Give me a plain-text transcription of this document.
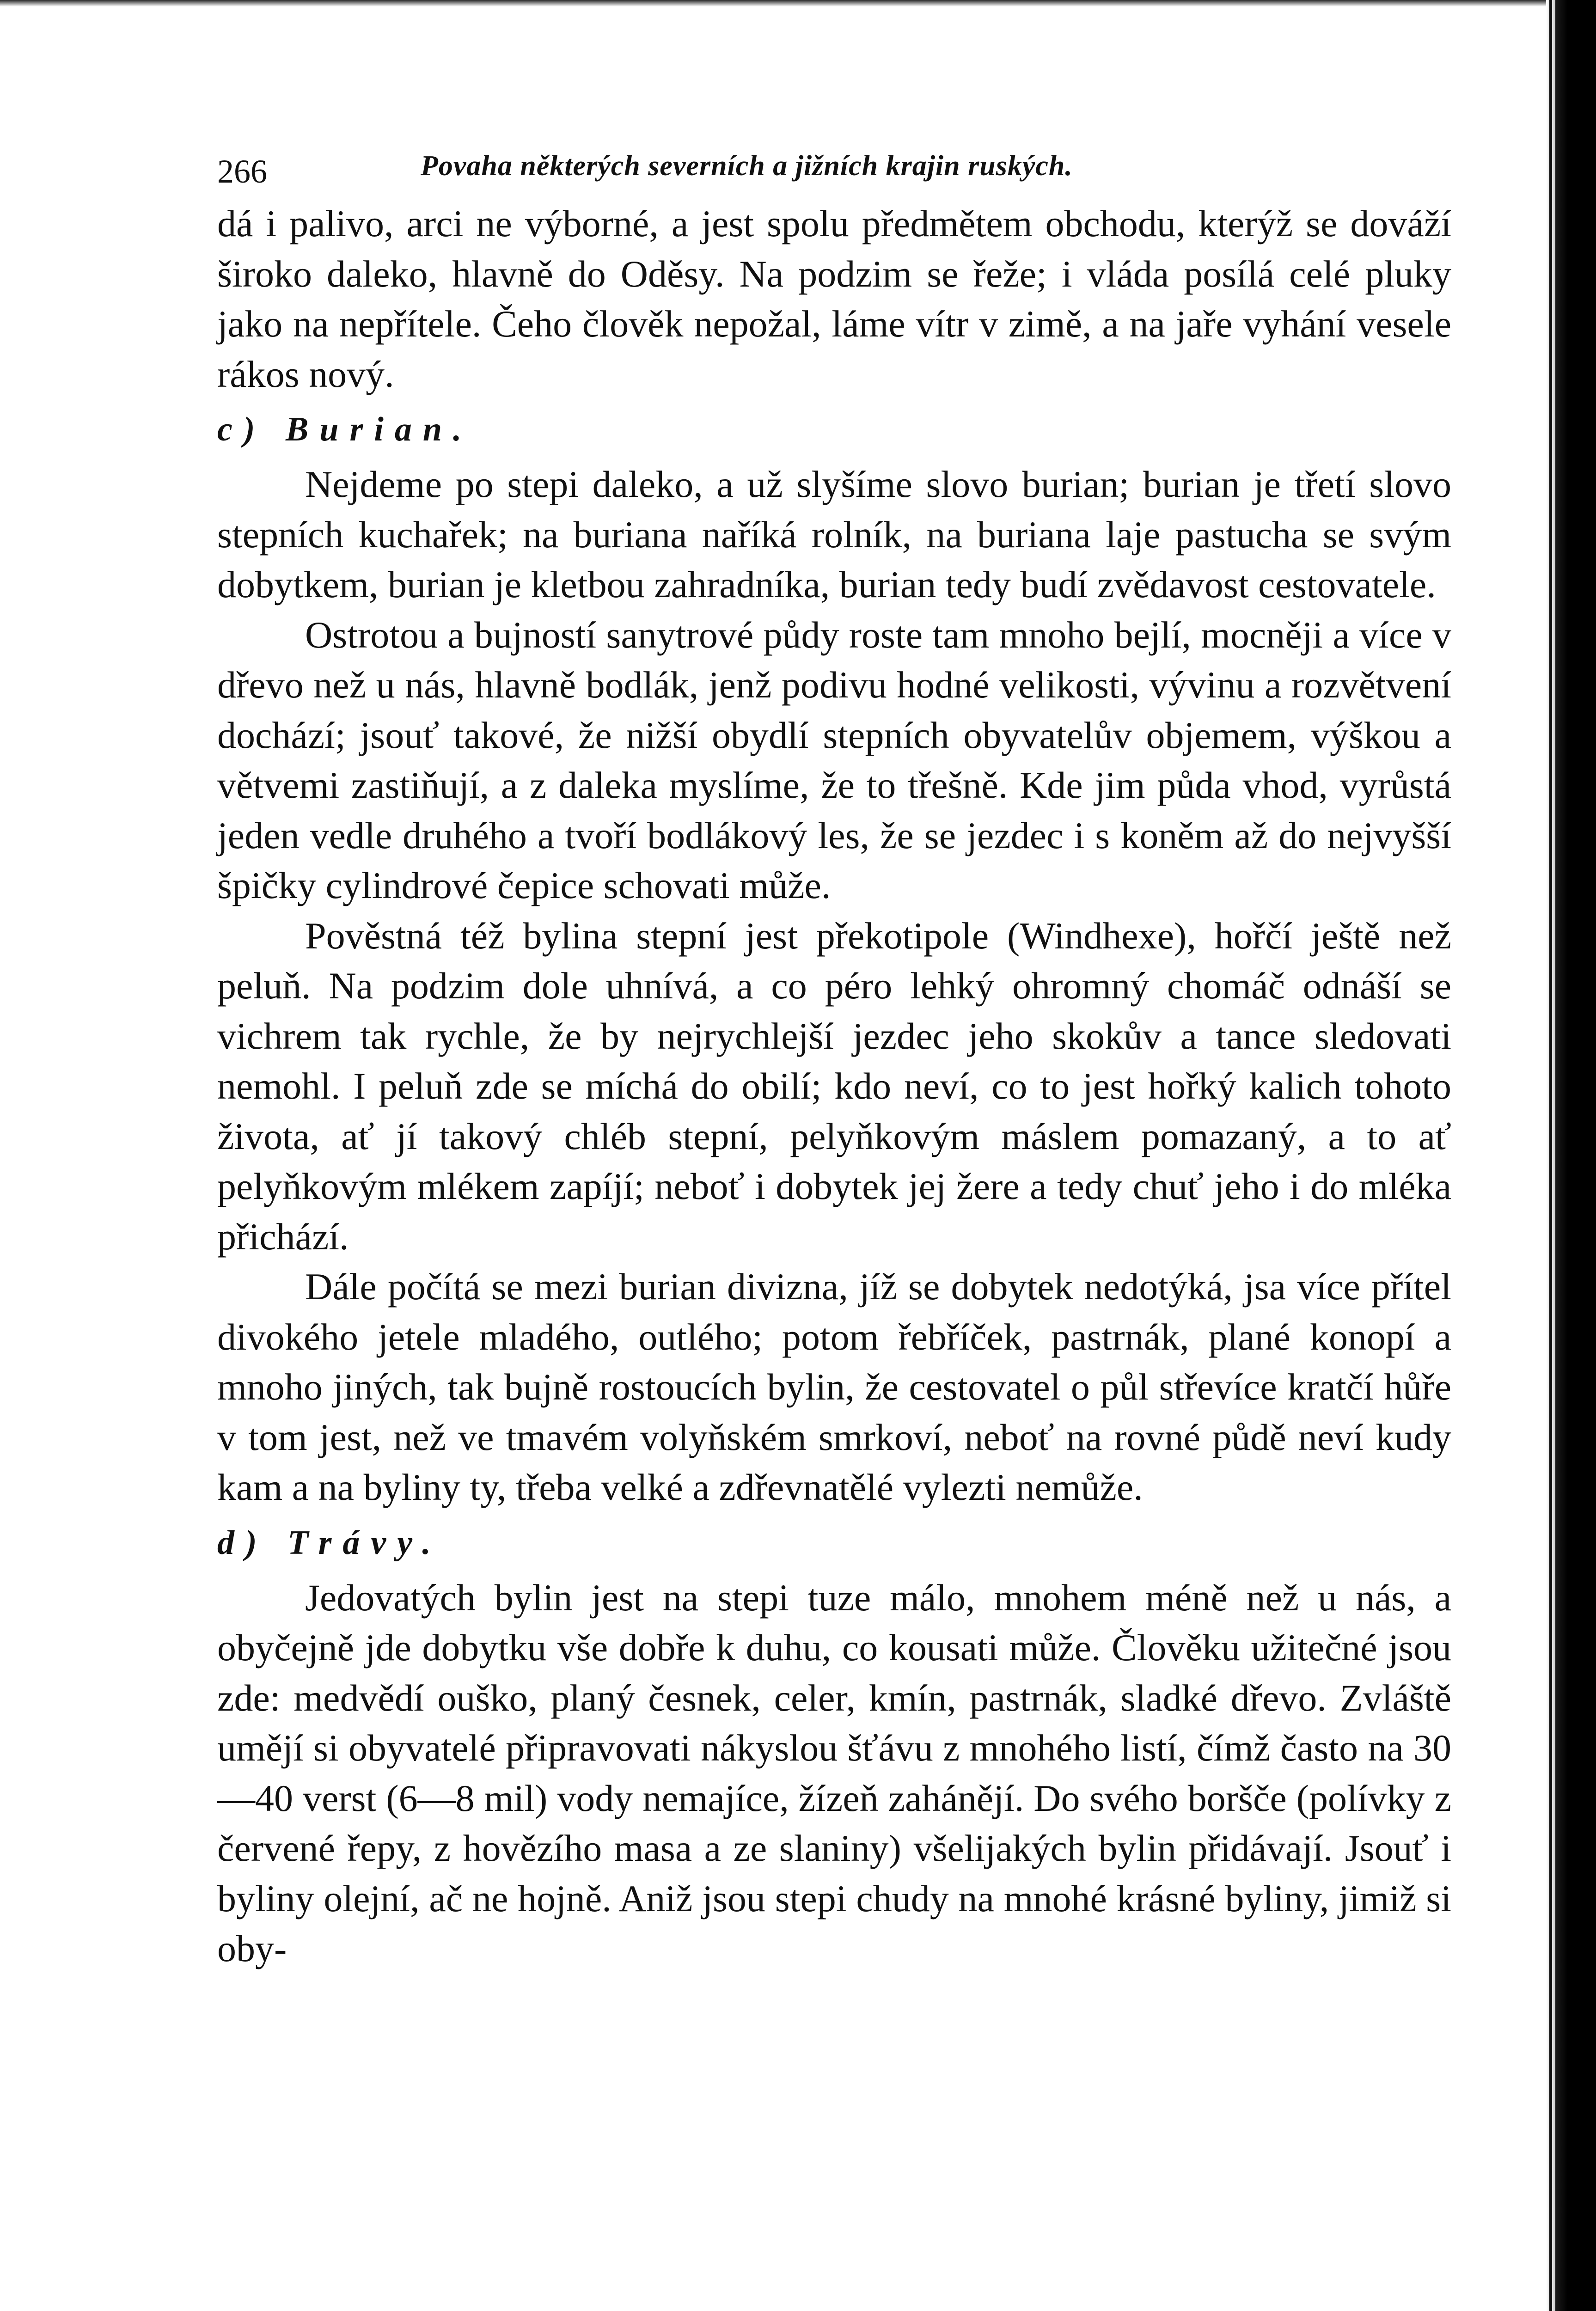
266	Povaha některých severních a jižních krajin ruských.

dá i palivo, arci ne výborné, a jest spolu předmětem obchodu, kterýž se dováží široko daleko, hlavně do Oděsy. Na podzim se řeže; i vláda posílá celé pluky jako na nepřítele. Čeho člověk nepožal, láme vítr v zimě, a na jaře vyhání vesele rákos nový.

c) Burian.

Nejdeme po stepi daleko, a už slyšíme slovo burian; burian je třetí slovo stepních kuchařek; na buriana naříká rolník, na buriana laje pastucha se svým dobytkem, burian je kletbou zahradníka, burian tedy budí zvědavost cestovatele.

Ostrotou a bujností sanytrové půdy roste tam mnoho bejlí, mocněji a více v dřevo než u nás, hlavně bodlák, jenž podivu hodné velikosti, vývinu a rozvětvení dochází; jsouť takové, že nižší obydlí stepních obyvatelův objemem, výškou a větvemi zastiňují, a z daleka myslíme, že to třešně. Kde jim půda vhod, vyrůstá jeden vedle druhého a tvoří bodlákový les, že se jezdec i s koněm až do nejvyšší špičky cylindrové čepice schovati může.

Pověstná též bylina stepní jest překotipole (Windhexe), hořčí ještě než peluň. Na podzim dole uhnívá, a co péro lehký ohromný chomáč odnáší se vichrem tak rychle, že by nejrychlejší jezdec jeho skokův a tance sledovati nemohl. I peluň zde se míchá do obilí; kdo neví, co to jest hořký kalich tohoto života, ať jí takový chléb stepní, pelyňkovým máslem pomazaný, a to ať pelyňkovým mlékem zapíjí; neboť i dobytek jej žere a tedy chuť jeho i do mléka přichází.

Dále počítá se mezi burian divizna, jíž se dobytek nedotýká, jsa více přítel divokého jetele mladého, outlého; potom řebříček, pastrnák, plané konopí a mnoho jiných, tak bujně rostoucích bylin, že cestovatel o půl střevíce kratčí hůře v tom jest, než ve tmavém volyňském smrkoví, neboť na rovné půdě neví kudy kam a na byliny ty, třeba velké a zdřevnatělé vylezti nemůže.

d) Trávy.

Jedovatých bylin jest na stepi tuze málo, mnohem méně než u nás, a obyčejně jde dobytku vše dobře k duhu, co kousati může. Člověku užitečné jsou zde: medvědí ouško, planý česnek, celer, kmín, pastrnák, sladké dřevo. Zvláště umějí si obyvatelé připravovati nákyslou šťávu z mnohého listí, čímž často na 30—40 verst (6—8 mil) vody nemajíce, žízeň zahánějí. Do svého boršče (polívky z červené řepy, z hovězího masa a ze slaniny) všelijakých bylin přidávají. Jsouť i byliny olejní, ač ne hojně. Aniž jsou stepi chudy na mnohé krásné byliny, jimiž si oby-
